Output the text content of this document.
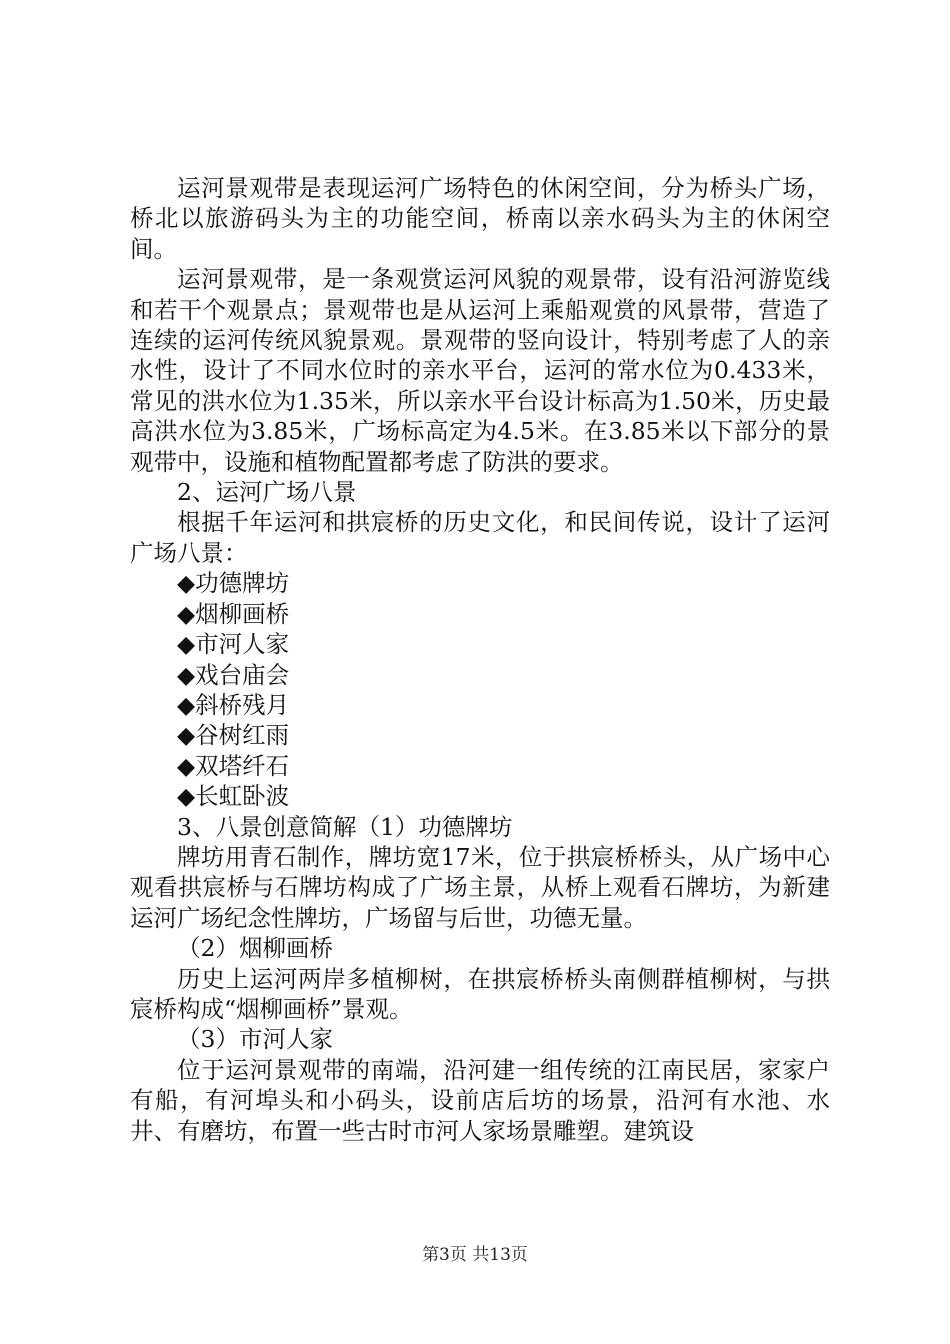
运河景观带是表现运河广场特色的休闲空间，分为桥头广场，桥北以旅游码头为主的功能空间，桥南以亲水码头为主的休闲空间。

运河景观带，是一条观赏运河风貌的观景带，设有沿河游览线和若干个观景点；景观带也是从运河上乘船观赏的风景带，营造了连续的运河传统风貌景观。景观带的竖向设计，特别考虑了人的亲水性，设计了不同水位时的亲水平台，运河的常水位为0.433米，常见的洪水位为1.35米，所以亲水平台设计标高为1.50米，历史最高洪水位为3.85米，广场标高定为4.5米。在3.85米以下部分的景观带中，设施和植物配置都考虑了防洪的要求。

2、运河广场八景

根据千年运河和拱宸桥的历史文化，和民间传说，设计了运河广场八景：

◆功德牌坊

◆烟柳画桥

◆市河人家

◆戏台庙会

◆斜桥残月

◆谷树红雨

◆双塔纤石

◆长虹卧波

3、八景创意简解（1）功德牌坊

牌坊用青石制作，牌坊宽17米，位于拱宸桥桥头，从广场中心观看拱宸桥与石牌坊构成了广场主景，从桥上观看石牌坊，为新建运河广场纪念性牌坊，广场留与后世，功德无量。

（2）烟柳画桥

历史上运河两岸多植柳树，在拱宸桥桥头南侧群植柳树，与拱宸桥构成“烟柳画桥”景观。

（3）市河人家

位于运河景观带的南端，沿河建一组传统的江南民居，家家户有船，有河埠头和小码头，设前店后坊的场景，沿河有水池、水井、有磨坊，布置一些古时市河人家场景雕塑。建筑设

第3页 共13页
